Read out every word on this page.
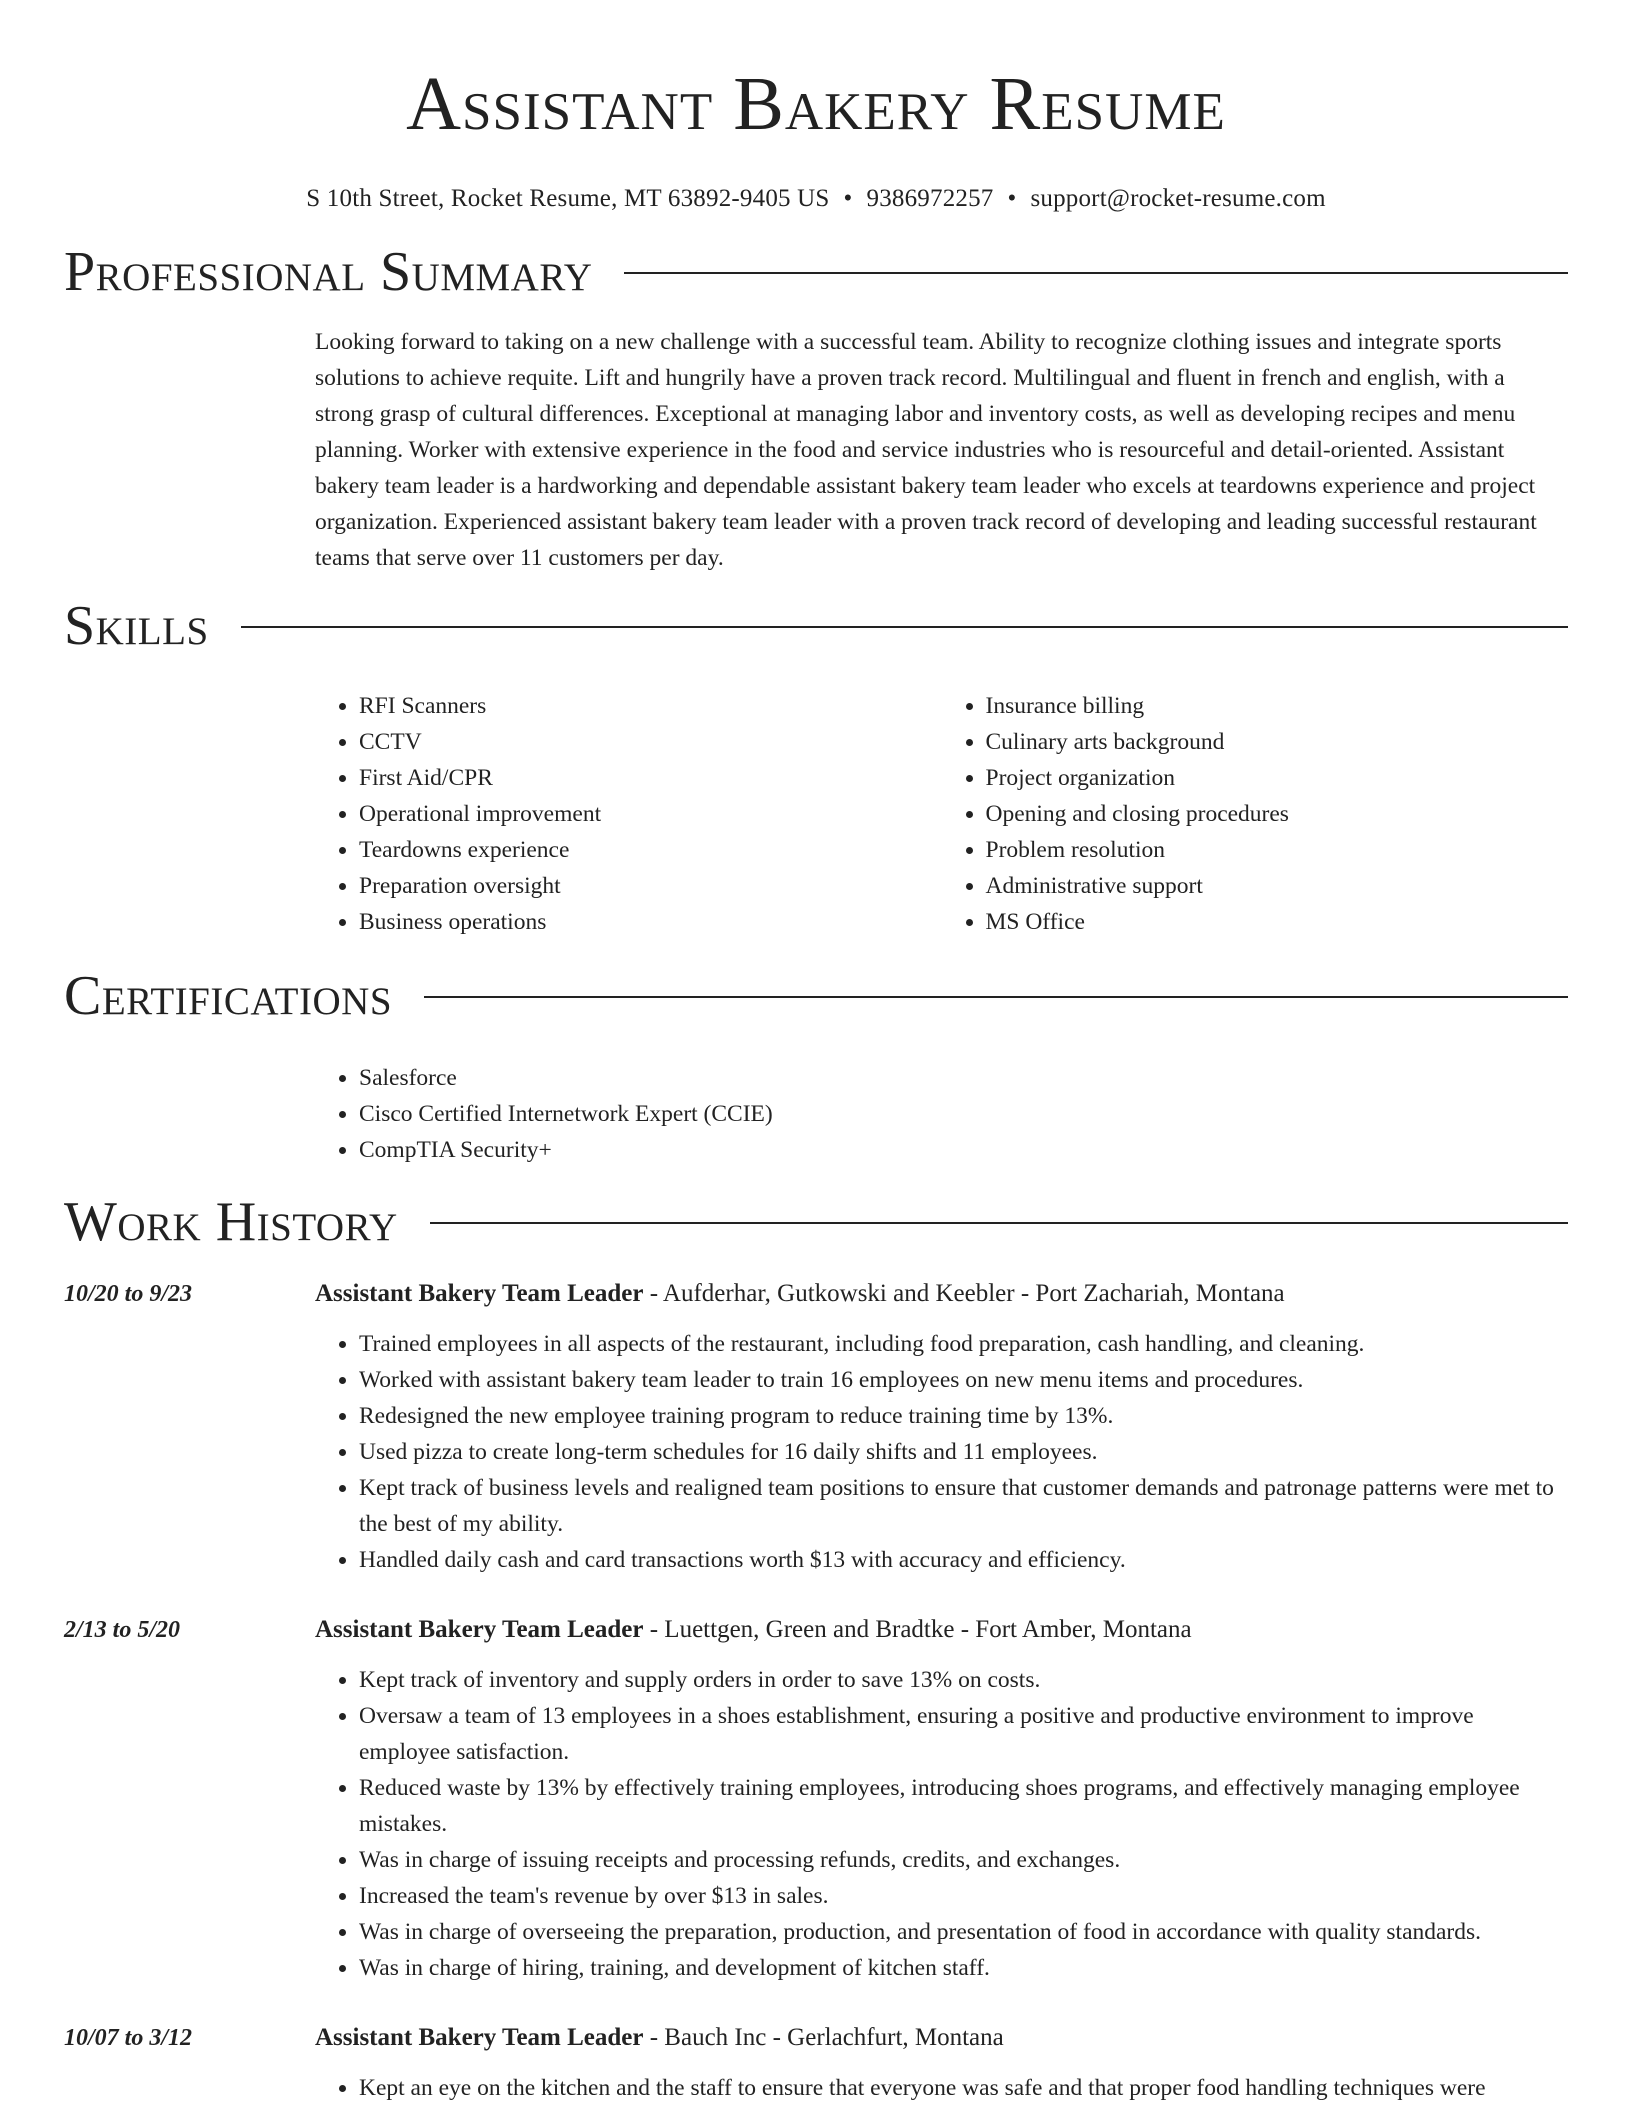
Assistant Bakery Resume
S 10th Street, Rocket Resume, MT 63892-9405 US • 9386972257 • support@rocket-resume.com
Professional Summary

Looking forward to taking on a new challenge with a successful team. Ability to recognize clothing issues and integrate sports solutions to achieve requite. Lift and hungrily have a proven track record. Multilingual and fluent in french and english, with a strong grasp of cultural differences. Exceptional at managing labor and inventory costs, as well as developing recipes and menu planning. Worker with extensive experience in the food and service industries who is resourceful and detail-oriented. Assistant bakery team leader is a hardworking and dependable assistant bakery team leader who excels at teardowns experience and project organization. Experienced assistant bakery team leader with a proven track record of developing and leading successful restaurant teams that serve over 11 customers per day.

Skills
• RFI Scanners
• CCTV
• First Aid/CPR
• Operational improvement
• Teardowns experience
• Preparation oversight
• Business operations
• Insurance billing
• Culinary arts background
• Project organization
• Opening and closing procedures
• Problem resolution
• Administrative support
• MS Office
Certifications
• Salesforce
• Cisco Certified Internetwork Expert (CCIE)
• CompTIA Security+
Work History
10/20 to 9/23	Assistant Bakery Team Leader - Aufderhar, Gutkowski and Keebler - Port Zachariah, Montana
• Trained employees in all aspects of the restaurant, including food preparation, cash handling, and cleaning.
• Worked with assistant bakery team leader to train 16 employees on new menu items and procedures.
• Redesigned the new employee training program to reduce training time by 13%.
• Used pizza to create long-term schedules for 16 daily shifts and 11 employees.
• Kept track of business levels and realigned team positions to ensure that customer demands and patronage patterns were met to the best of my ability.
• Handled daily cash and card transactions worth $13 with accuracy and efficiency.
2/13 to 5/20	Assistant Bakery Team Leader - Luettgen, Green and Bradtke - Fort Amber, Montana
• Kept track of inventory and supply orders in order to save 13% on costs.
• Oversaw a team of 13 employees in a shoes establishment, ensuring a positive and productive environment to improve employee satisfaction.
• Reduced waste by 13% by effectively training employees, introducing shoes programs, and effectively managing employee mistakes.
• Was in charge of issuing receipts and processing refunds, credits, and exchanges.
• Increased the team's revenue by over $13 in sales.
• Was in charge of overseeing the preparation, production, and presentation of food in accordance with quality standards.
• Was in charge of hiring, training, and development of kitchen staff.
10/07 to 3/12	Assistant Bakery Team Leader - Bauch Inc - Gerlachfurt, Montana
• Kept an eye on the kitchen and the staff to ensure that everyone was safe and that proper food handling techniques were
